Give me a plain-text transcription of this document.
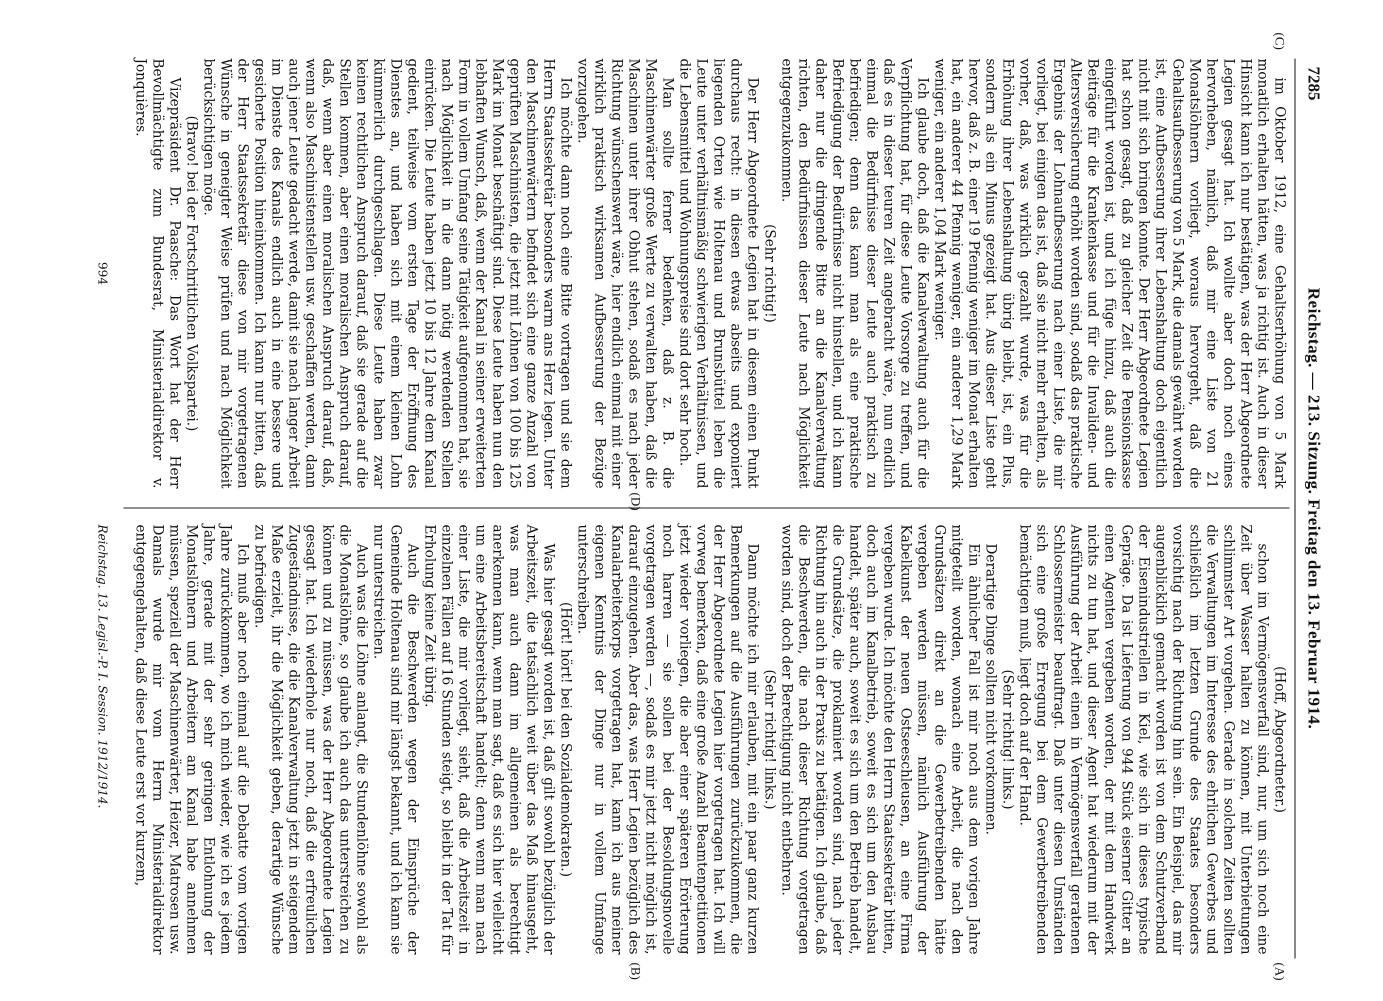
7285
Reichstag. — 213. Sitzung. Freitag den 13. Februar 1914.
(C)
(D)
(A)
(B)

im Oktober 1912, eine Gehaltserhöhung von 5 Mark monatlich erhalten hätten, was ja richtig ist. Auch in dieser Hinsicht kann ich nur bestätigen, was der Herr Abgeordnete Legien gesagt hat. Ich wollte aber doch noch eines hervorheben, nämlich, daß mir eine Liste von 21 Monatslöhnern vorliegt, woraus hervorgeht, daß die Gehaltsaufbesserung von 5 Mark, die damals gewährt worden ist, eine Aufbesserung ihrer Lebenshaltung doch eigentlich nicht mit sich bringen konnte. Der Herr Abgeordnete Legien hat schon gesagt, daß zu gleicher Zeit die Pensionskasse eingeführt worden ist, und ich füge hinzu, daß auch die Beiträge für die Krankenkasse und für die Invaliden- und Altersversicherung erhöht worden sind, sodaß das praktische Ergebnis der Lohnaufbesserung nach einer Liste, die mir vorliegt, bei einigen das ist, daß sie nicht mehr erhalten, als vorher, daß, was wirklich gezahlt wurde, was für die Erhöhung ihrer Lebenshaltung übrig bleibt, ist, ein Plus, sondern als ein Minus gezeigt hat. Aus dieser Liste geht hervor, daß z. B. einer 19 Pfennig weniger im Monat erhalten hat, ein anderer 44 Pfennig weniger, ein anderer 1,29 Mark weniger, ein anderer 1,04 Mark weniger.

Ich glaube doch, daß die Kanalverwaltung auch für die Verpflichtung hat, für diese Leute Vorsorge zu treffen, und daß es in dieser teuren Zeit angebracht wäre, nun endlich einmal die Bedürfnisse dieser Leute auch praktisch zu befriedigen; denn das kann man als eine praktische Befriedigung der Bedürfnisse nicht hinstellen, und ich kann daher nur die dringende Bitte an die Kanalverwaltung richten, den Bedürfnissen dieser Leute nach Möglichkeit entgegenzukommen.

(Sehr richtig!)

Der Herr Abgeordnete Legien hat in diesem einen Punkt durchaus recht: in diesen etwas abseits und exponiert liegenden Orten wie Holtenau und Brunsbüttel leben die Leute unter verhältnismäßig schwierigen Verhältnissen, und die Lebensmittel und Wohnungspreise sind dort sehr hoch.

Man sollte ferner bedenken, daß z. B. die Maschinenwärter große Werte zu verwalten haben, daß die Maschinen unter ihrer Obhut stehen, sodaß es nach jeder Richtung wünschenswert wäre, hier endlich einmal mit einer wirklich praktisch wirksamen Aufbesserung der Bezüge vorzugehen.

Ich möchte dann noch eine Bitte vortragen und sie dem Herrn Staatssekretär besonders warm ans Herz legen. Unter den Maschinenwärtern befindet sich eine ganze Anzahl von geprüften Maschinisten, die jetzt mit Löhnen von 100 bis 125 Mark im Monat beschäftigt sind. Diese Leute haben nun den lebhaften Wunsch, daß, wenn der Kanal in seiner erweiterten Form in vollem Umfang seine Tätigkeit aufgenommen hat, sie nach Möglichkeit in die dann nötig werdenden Stellen einrücken. Die Leute haben jetzt 10 bis 12 Jahre dem Kanal gedient, teilweise vom ersten Tage der Eröffnung des Dienstes an, und haben sich mit einem kleinen Lohn kümmerlich durchgeschlagen. Diese Leute haben zwar keinen rechtlichen Anspruch darauf, daß sie gerade auf die Stellen kommen, aber einen moralischen Anspruch darauf, daß, wenn aber einen moralischen Anspruch darauf, daß, wenn also Maschinistenstellen usw. geschaffen werden, dann auch jener Leute gedacht werde, damit sie nach langer Arbeit im Dienste des Kanals endlich auch in eine bessere und gesicherte Position hineinkommen. Ich kann nur bitten, daß der Herr Staatssekretär diese von mir vorgetragenen Wünsche in geneigter Weise prüfen und nach Möglichkeit berücksichtigen möge.

(Bravo! bei der Fortschrittlichen Volkspartei.)

Vizepräsident Dr. Paasche: Das Wort hat der Herr Bevollmächtigte zum Bundesrat, Ministerialdirektor v. Jonquières.

(Hoff, Abgeordneter.)

schon im Vermögensverfall sind, nur, um sich noch eine Zeit über Wasser halten zu können, mit Unterbietungen schlimmster Art vorgehen. Gerade in solchen Zeiten sollten die Verwaltungen im Interesse des ehrlichen Gewerbes und schließlich im letzten Grunde des Staates besonders vorsichtig nach der Richtung hin sein. Ein Beispiel, das mir augenblicklich gemacht worden ist von dem Schutzverband der Eisenindustriellen in Kiel, wie sich in dieses typische Gepräge. Da ist Lieferung von 944 Stück eiserner Gitter an einen Agenten vergeben worden, der mit dem Handwerk nichts zu tun hat, und dieser Agent hat wiederum mit der Ausführung der Arbeit einen in Vermögensverfall geratenen Schlossermeister beauftragt. Daß unter diesen Umständen sich eine große Erregung bei dem Gewerbetreibenden bemächtigen muß, liegt doch auf der Hand.

(Sehr richtig! links.)

Derartige Dinge sollten nicht vorkommen.

Ein ähnlicher Fall ist mir noch aus dem vorigen Jahre mitgeteilt worden, wonach eine Arbeit, die nach den Grundsätzen direkt an die Gewerbetreibenden hätte vergeben werden müssen, nämlich Ausführung der Kabelkunst der neuen Ostseeschleusen, an eine Firma vergeben wurde. Ich möchte den Herrn Staatssekretär bitten, doch auch im Kanalbetrieb, soweit es sich um den Ausbau handelt, später auch, soweit es sich um den Betrieb handelt, die Grundsätze, die proklamiert worden sind, nach jeder Richtung hin auch in der Praxis zu betätigen. Ich glaube, daß die Beschwerden, die nach dieser Richtung vorgetragen worden sind, doch der Berechtigung nicht entbehren.

(Sehr richtig! links.)

Dann möchte ich mir erlauben, mit ein paar ganz kurzen Bemerkungen auf die Ausführungen zurückzukommen, die der Herr Abgeordnete Legien hier vorgetragen hat. Ich will vorweg bemerken, daß eine große Anzahl Beamtenpetitionen jetzt wieder vorliegen, die aber einer späteren Erörterung noch harren — sie sollen bei der Besoldungsnovelle vorgetragen werden —, sodaß es mir jetzt nicht möglich ist, darauf einzugehen. Aber das, was Herr Legien bezüglich des Kanalarbeiterkorps vorgetragen hat, kann ich aus meiner eigenen Kenntnis der Dinge nur in vollem Umfange unterschreiben.

(Hört! hört! bei den Sozialdemokraten.)

Was hier gesagt worden ist, daß gilt sowohl bezüglich der Arbeitszeit, die tatsächlich weit über das Maß hinausgeht, was man auch dann im allgemeinen als berechtigt anerkennen kann, wenn man sagt, daß es sich hier vielleicht um eine Arbeitsbereitschaft handelt; denn wenn man nach einer Liste, die mir vorliegt, sieht, daß die Arbeitszeit in einzelnen Fällen auf 16 Stunden steigt, so bleibt in der Tat für Erholung keine Zeit übrig.

Auch die Beschwerden wegen der Einsprüche der Gemeinde Holtenau sind mir längst bekannt, und ich kann sie nur unterstreichen.

Auch was die Löhne anlangt, die Stundenlöhne sowohl als die Monatslöhne, so glaube ich auch das unterstreichen zu können und zu müssen, was der Herr Abgeordnete Legien gesagt hat. Ich wiederhole nur noch, daß die erfreulichen Zugeständnisse, die die Kanalverwaltung jetzt in steigendem Maße erzielt, ihr die Möglichkeit geben, derartige Wünsche zu befriedigen.

Ich muß aber noch einmal auf die Debatte vom vorigen Jahre zurückkommen, wo ich mich wieder, wie ich es jedem Jahre, gerade mit der sehr geringen Entlohnung der Monatslöhnern und Arbeitern am Kanal habe annehmen müssen, speziell der Maschinenwärter, Heizer, Matrosen usw. Damals wurde mir vom Herrn Ministerialdirektor entgegengehalten, daß diese Leute erst vor kurzem,

994
Reichstag. 13. Legisl.-P. I. Session. 1912/1914.
